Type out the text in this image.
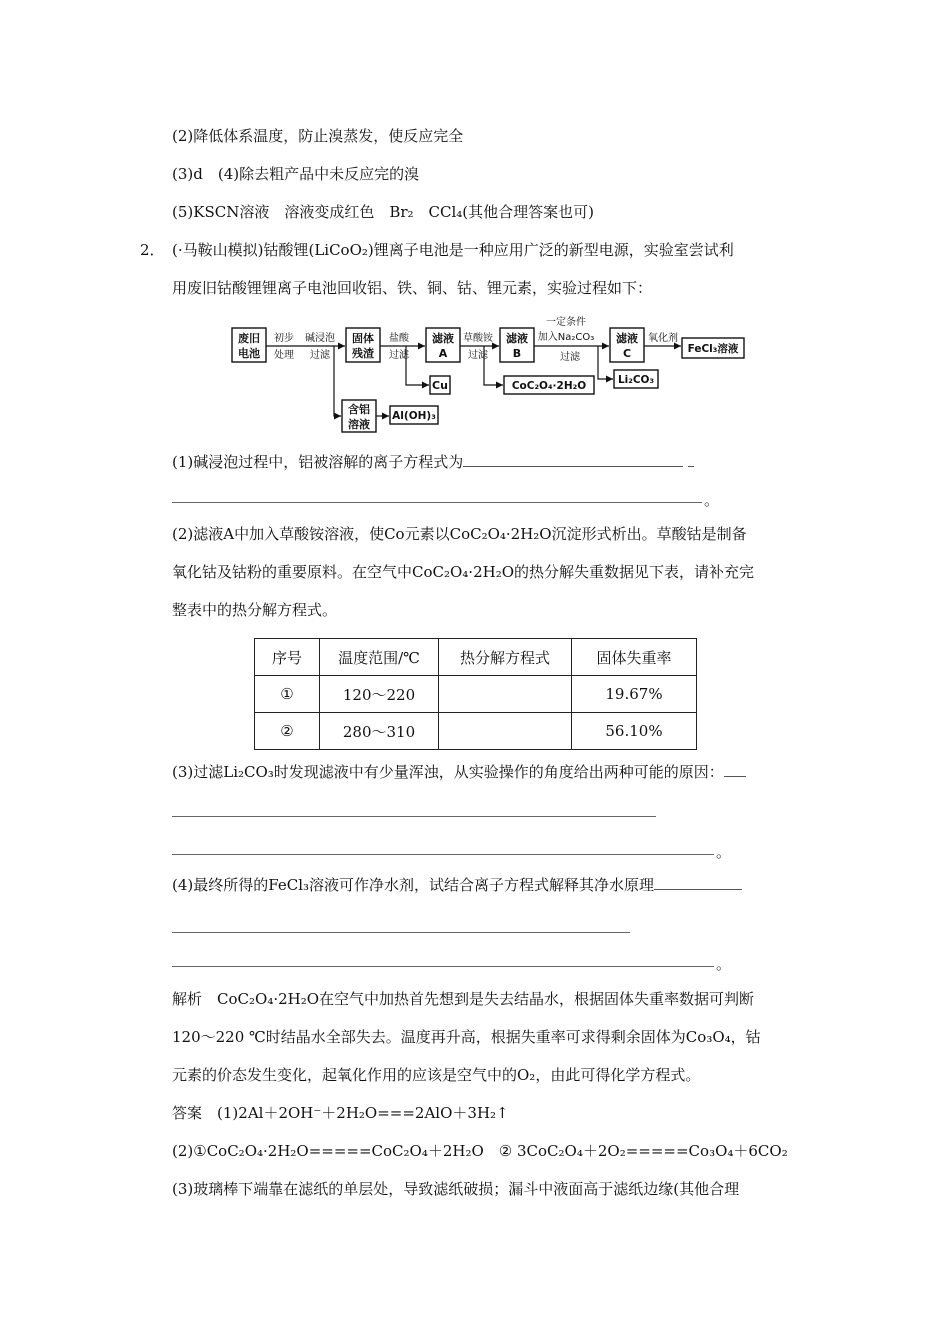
(2)降低体系温度，防止溴蒸发，使反应完全
(3)d　(4)除去粗产品中未反应完的溴
(5)KSCN溶液　溶液变成红色　Br₂　CCl₄(其他合理答案也可)
2． (·马鞍山模拟)钴酸锂(LiCoO₂)锂离子电池是一种应用广泛的新型电源，实验室尝试利
用废旧钴酸锂锂离子电池回收铝、铁、铜、钴、锂元素，实验过程如下：
废旧
电池
固体
残渣
滤液
A
滤液
B
滤液
C	FeCl₃溶液
Cu
含铝
溶液
Al(OH)₃
CoC₂O₄·2H₂O	Li₂CO₃
初步
处理
碱浸泡
过滤
盐酸
过滤
草酸铵
过滤
一定条件
加入Na₂CO₃
过滤
氧化剂
(1)碱浸泡过程中，铝被溶解的离子方程式为
。
(2)滤液A中加入草酸铵溶液，使Co元素以CoC₂O₄·2H₂O沉淀形式析出。草酸钴是制备
氧化钴及钴粉的重要原料。在空气中CoC₂O₄·2H₂O的热分解失重数据见下表，请补充完
整表中的热分解方程式。
序号	温度范围/℃	热分解方程式	固体失重率
①	120～220		19.67%
②	280～310		56.10%
(3)过滤Li₂CO₃时发现滤液中有少量浑浊，从实验操作的角度给出两种可能的原因：
。
(4)最终所得的FeCl₃溶液可作净水剂，试结合离子方程式解释其净水原理
。
解析　 CoC₂O₄·2H₂O在空气中加热首先想到是失去结晶水，根据固体失重率数据可判断
120～220 ℃时结晶水全部失去。温度再升高，根据失重率可求得剩余固体为Co₃O₄，钴
元素的价态发生变化，起氧化作用的应该是空气中的O₂，由此可得化学方程式。
答案　 (1)2Al＋2OH⁻＋2H₂O===2AlO＋3H₂↑
(2)①CoC₂O₄·2H₂O=====CoC₂O₄＋2H₂O　② 3CoC₂O₄＋2O₂=====Co₃O₄＋6CO₂
(3)玻璃棒下端靠在滤纸的单层处，导致滤纸破损；漏斗中液面高于滤纸边缘(其他合理
